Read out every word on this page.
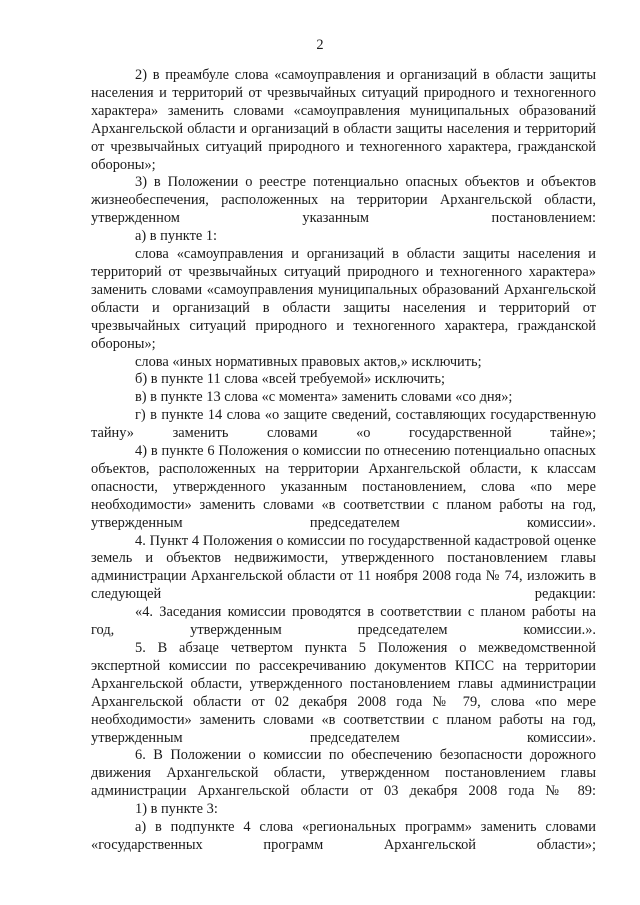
2
2) в преамбуле слова «самоуправления и организаций в области защиты населения и территорий от чрезвычайных ситуаций природного и техногенного характера» заменить словами «самоуправления муниципальных образований Архангельской области и организаций в области защиты населения и территорий от чрезвычайных ситуаций природного и техногенного характера, гражданской обороны»;
3) в Положении о реестре потенциально опасных объектов и объектов жизнеобеспечения, расположенных на территории Архангельской области, утвержденном указанным постановлением:
а) в пункте 1:
слова «самоуправления и организаций в области защиты населения и территорий от чрезвычайных ситуаций природного и техногенного характера» заменить словами «самоуправления муниципальных образований Архангельской области и организаций в области защиты населения и территорий от чрезвычайных ситуаций природного и техногенного характера, гражданской обороны»;
слова «иных нормативных правовых актов,» исключить;
б) в пункте 11 слова «всей требуемой» исключить;
в) в пункте 13 слова «с момента» заменить словами «со дня»;
г) в пункте 14 слова «о защите сведений, составляющих государственную тайну» заменить словами «о государственной тайне»;
4) в пункте 6 Положения о комиссии по отнесению потенциально опасных объектов, расположенных на территории Архангельской области, к классам опасности, утвержденного указанным постановлением, слова «по мере необходимости» заменить словами «в соответствии с планом работы на год, утвержденным председателем комиссии».
4. Пункт 4 Положения о комиссии по государственной кадастровой оценке земель и объектов недвижимости, утвержденного постановлением главы администрации Архангельской области от 11 ноября 2008 года № 74, изложить в следующей редакции:
«4. Заседания комиссии проводятся в соответствии с планом работы на год, утвержденным председателем комиссии.».
5. В абзаце четвертом пункта 5 Положения о межведомственной экспертной комиссии по рассекречиванию документов КПСС на территории Архангельской области, утвержденного постановлением главы администрации Архангельской области от 02 декабря 2008 года № 79, слова «по мере необходимости» заменить словами «в соответствии с планом работы на год, утвержденным председателем комиссии».
6. В Положении о комиссии по обеспечению безопасности дорожного движения Архангельской области, утвержденном постановлением главы администрации Архангельской области от 03 декабря 2008 года № 89:
1) в пункте 3:
а) в подпункте 4 слова «региональных программ» заменить словами «государственных программ Архангельской области»;
